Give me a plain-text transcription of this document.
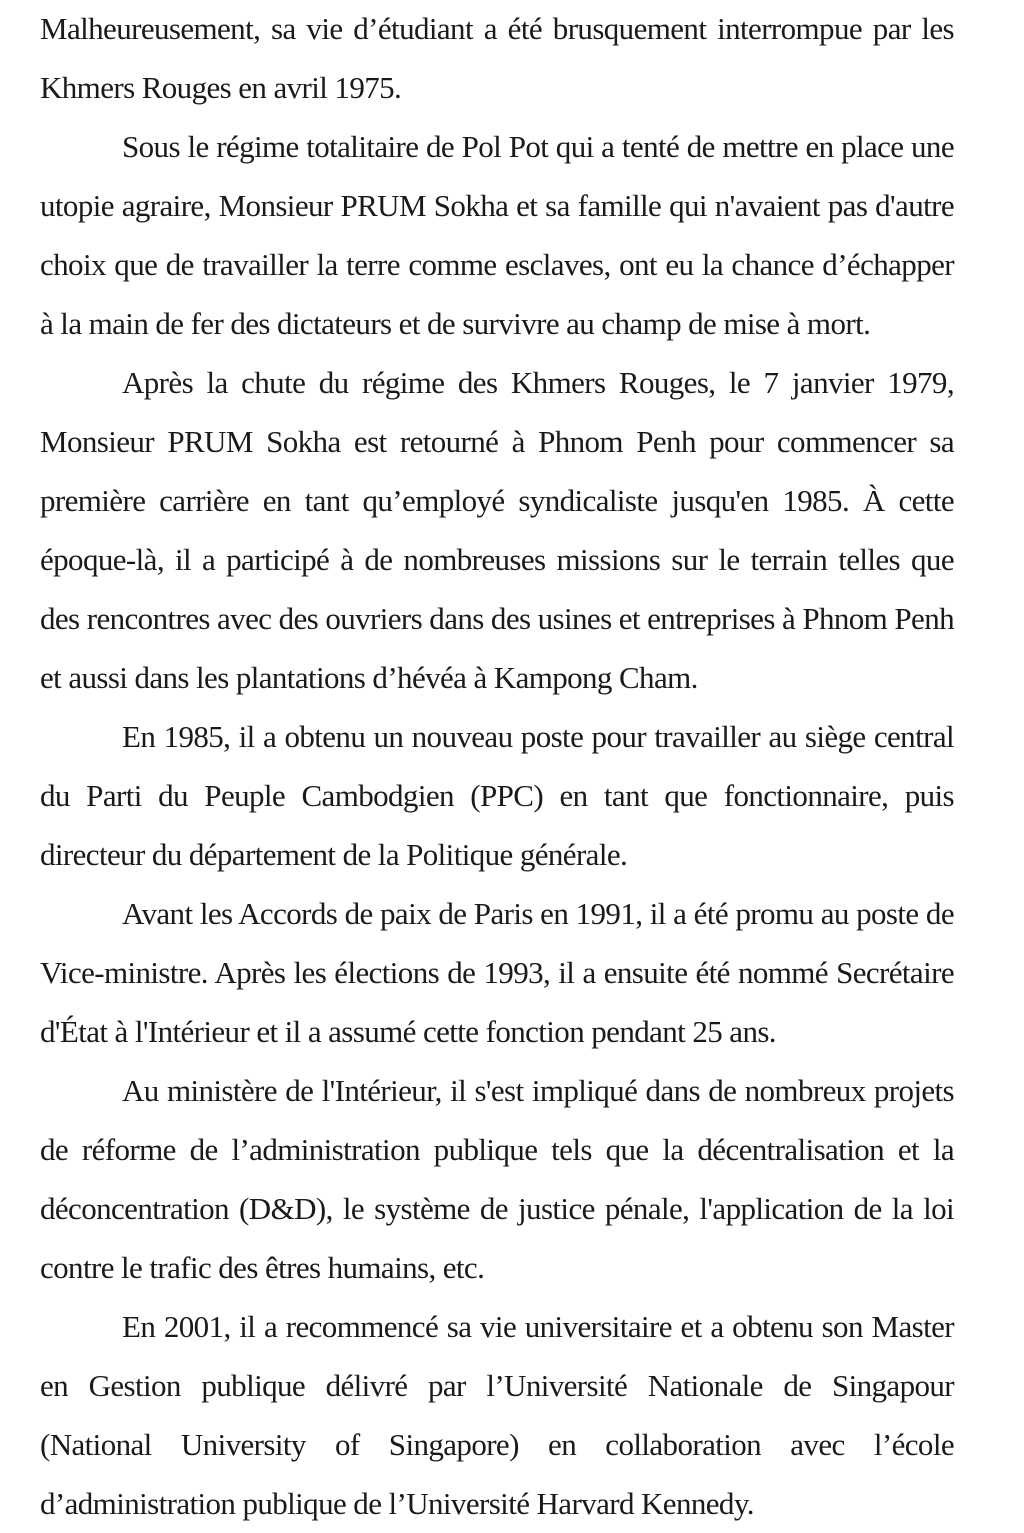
Malheureusement, sa vie d’étudiant a été brusquement interrompue par les Khmers Rouges en avril 1975.

Sous le régime totalitaire de Pol Pot qui a tenté de mettre en place une utopie agraire, Monsieur PRUM Sokha et sa famille qui n'avaient pas d'autre choix que de travailler la terre comme esclaves, ont eu la chance d’échapper à la main de fer des dictateurs et de survivre au champ de mise à mort.

Après la chute du régime des Khmers Rouges, le 7 janvier 1979, Monsieur PRUM Sokha est retourné à Phnom Penh pour commencer sa première carrière en tant qu’employé syndicaliste jusqu'en 1985. À cette époque-là, il a participé à de nombreuses missions sur le terrain telles que des rencontres avec des ouvriers dans des usines et entreprises à Phnom Penh et aussi dans les plantations d’hévéa à Kampong Cham.

En 1985, il a obtenu un nouveau poste pour travailler au siège central du Parti du Peuple Cambodgien (PPC) en tant que fonctionnaire, puis directeur du département de la Politique générale.

Avant les Accords de paix de Paris en 1991, il a été promu au poste de Vice-ministre. Après les élections de 1993, il a ensuite été nommé Secrétaire d'État à l'Intérieur et il a assumé cette fonction pendant 25 ans.

Au ministère de l'Intérieur, il s'est impliqué dans de nombreux projets de réforme de l’administration publique tels que la décentralisation et la déconcentration (D&D), le système de justice pénale, l'application de la loi contre le trafic des êtres humains, etc.

En 2001, il a recommencé sa vie universitaire et a obtenu son Master en Gestion publique délivré par l’Université Nationale de Singapour (National University of Singapore) en collaboration avec l’école d’administration publique de l’Université Harvard Kennedy.
